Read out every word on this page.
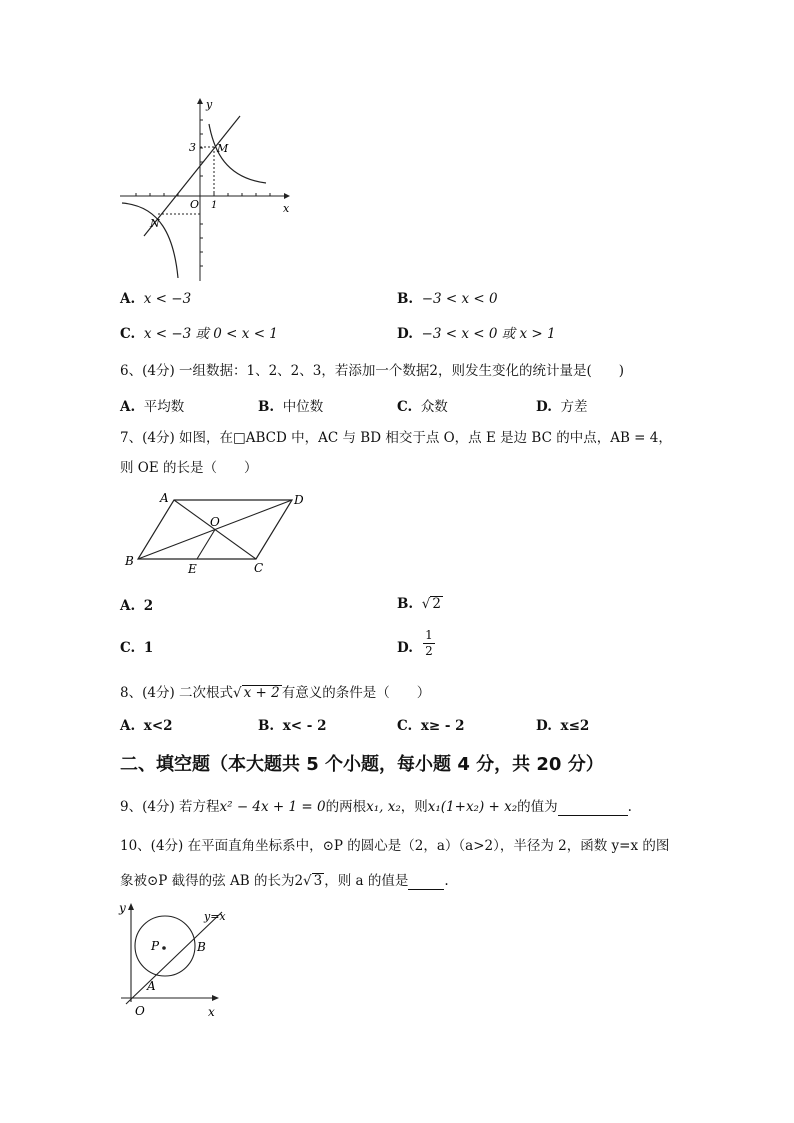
y
3 M
O 1	x
N
A. x < −3	B. −3 < x < 0
C. x < −3 或 0 < x < 1	D. −3 < x < 0 或 x > 1
6、(4分) 一组数据：1、2、2、3，若添加一个数据2，则发生变化的统计量是(　　)
A. 平均数	B. 中位数	C. 众数	D. 方差
7、(4分) 如图，在□ABCD 中，AC 与 BD 相交于点 O，点 E 是边 BC 的中点，AB = 4，
则 OE 的长是（　　）
A	D
O
B	C
E
A. 2	B. √ 2
C. 1	D. $\frac{1}{2}$
8、(4分) 二次根式√ x + 2 有意义的条件是（　　）
A. x<2	B. x< - 2	C. x≥ - 2	D. x≤2
二、填空题（本大题共 5 个小题，每小题 4 分，共 20 分）
9、(4分) 若方程x² − 4x + 1 = 0的两根x₁, x₂，则x₁(1+x₂) + x₂的值为	.
10、(4分) 在平面直角坐标系中，⊙P 的圆心是（2，a）（a>2），半径为 2，函数 y=x 的图
象被⊙P 截得的弦 AB 的长为2√ 3 ，则 a 的值是	.
y
y=x
P	B
A
O	x
